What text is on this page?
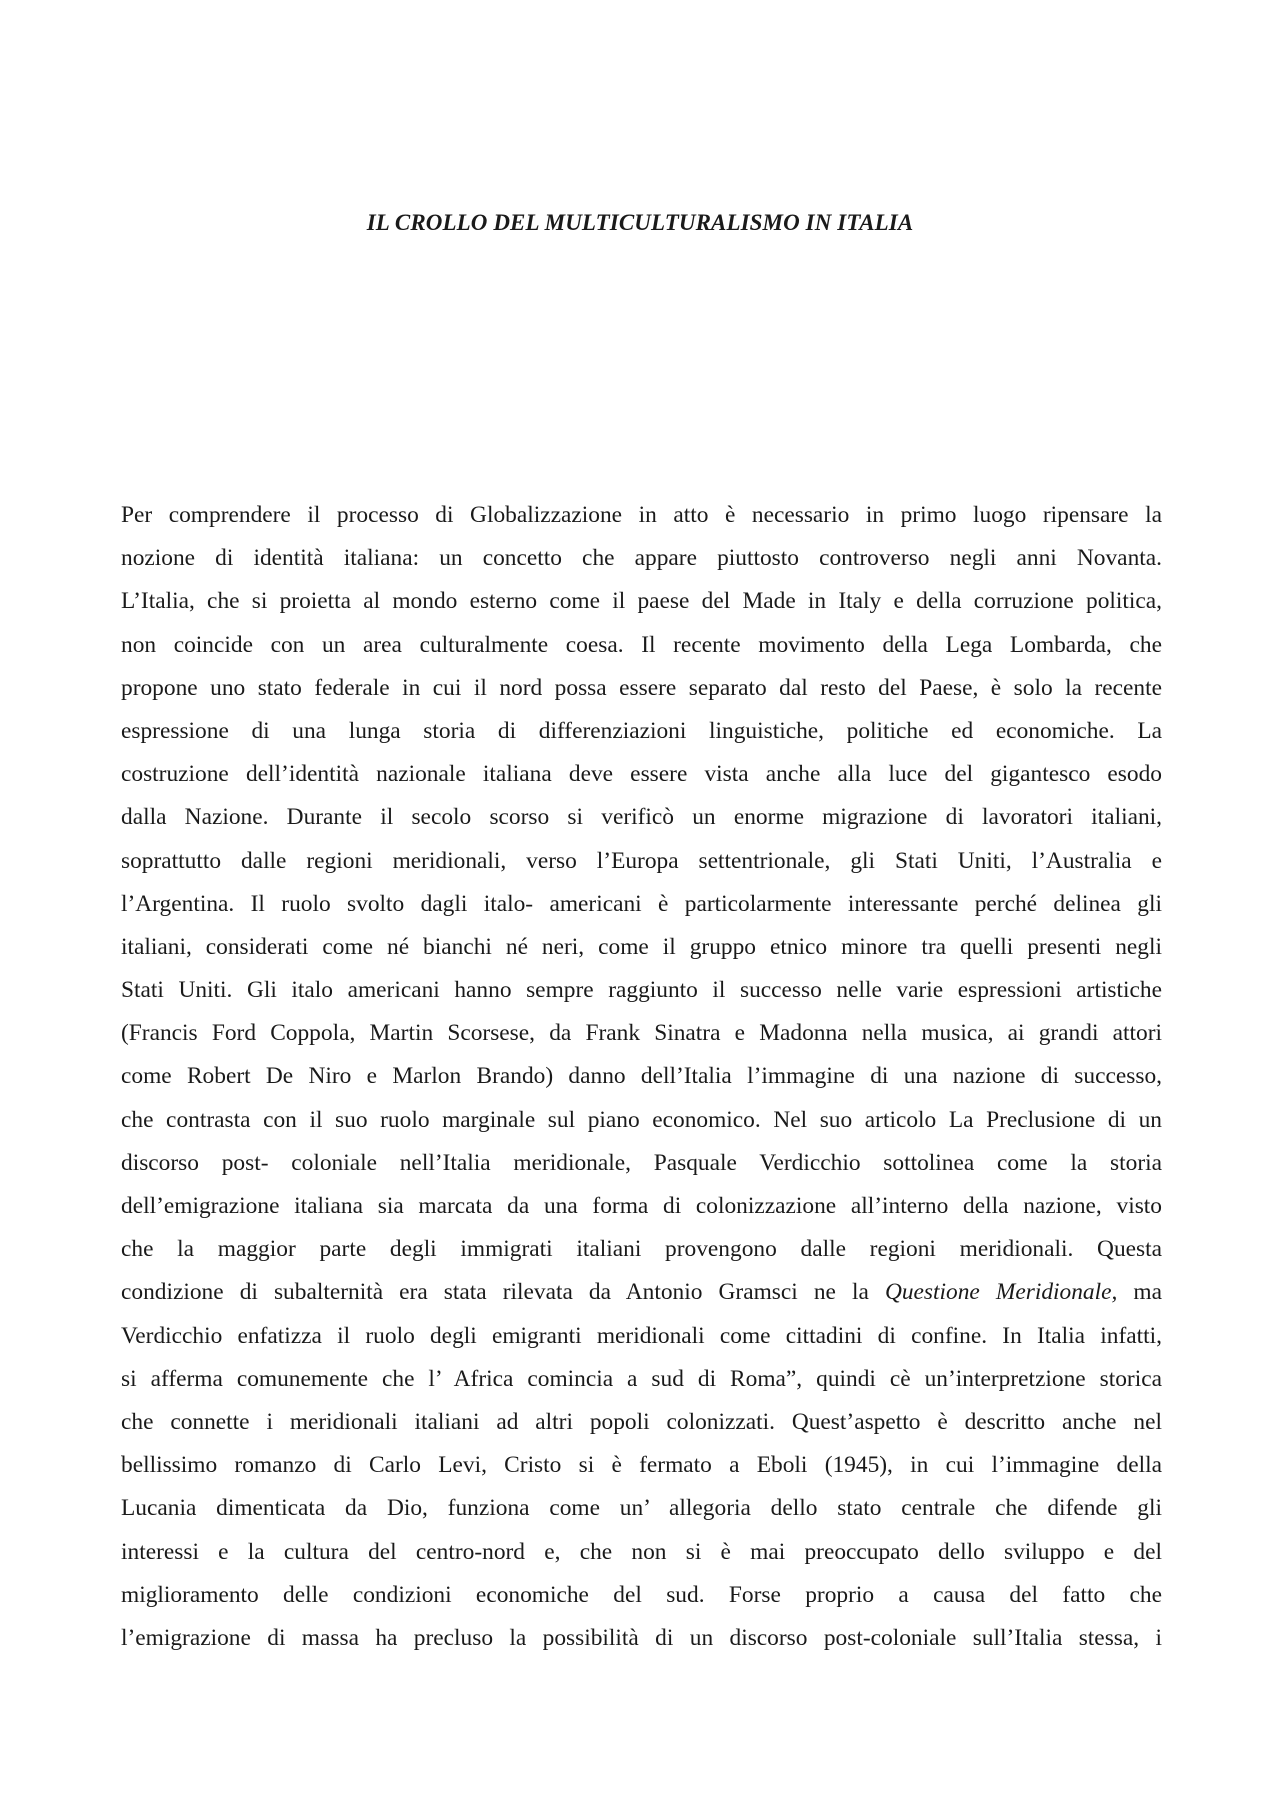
IL CROLLO DEL MULTICULTURALISMO IN ITALIA
Per comprendere il processo di Globalizzazione in atto è necessario in primo luogo ripensare la
nozione di identità italiana: un concetto che appare piuttosto controverso negli anni Novanta.
L’Italia, che si proietta al mondo esterno come il paese del Made in Italy e della corruzione politica,
non coincide con un area culturalmente coesa. Il recente movimento della Lega Lombarda, che
propone uno stato federale in cui il nord possa essere separato dal resto del Paese, è solo la recente
espressione di una lunga storia di differenziazioni linguistiche, politiche ed economiche. La
costruzione dell’identità nazionale italiana deve essere vista anche alla luce del gigantesco esodo
dalla Nazione. Durante il secolo scorso si verificò un enorme migrazione di lavoratori italiani,
soprattutto dalle regioni meridionali, verso l’Europa settentrionale, gli Stati Uniti, l’Australia e
l’Argentina. Il ruolo svolto dagli italo- americani è particolarmente interessante perché delinea gli
italiani, considerati come né bianchi né neri, come il gruppo etnico minore tra quelli presenti negli
Stati Uniti. Gli italo americani hanno sempre raggiunto il successo nelle varie espressioni artistiche
(Francis Ford Coppola, Martin Scorsese, da Frank Sinatra e Madonna nella musica, ai grandi attori
come Robert De Niro e Marlon Brando) danno dell’Italia l’immagine di una nazione di successo,
che contrasta con il suo ruolo marginale sul piano economico. Nel suo articolo La Preclusione di un
discorso post- coloniale nell’Italia meridionale, Pasquale Verdicchio sottolinea come la storia
dell’emigrazione italiana sia marcata da una forma di colonizzazione all’interno della nazione, visto
che la maggior parte degli immigrati italiani provengono dalle regioni meridionali. Questa
condizione di subalternità era stata rilevata da Antonio Gramsci ne la Questione Meridionale, ma
Verdicchio enfatizza il ruolo degli emigranti meridionali come cittadini di confine. In Italia infatti,
si afferma comunemente che l’ Africa comincia a sud di Roma”, quindi cè un’interpretzione storica
che connette i meridionali italiani ad altri popoli colonizzati. Quest’aspetto è descritto anche nel
bellissimo romanzo di Carlo Levi, Cristo si è fermato a Eboli (1945), in cui l’immagine della
Lucania dimenticata da Dio, funziona come un’ allegoria dello stato centrale che difende gli
interessi e la cultura del centro-nord e, che non si è mai preoccupato dello sviluppo e del
miglioramento delle condizioni economiche del sud. Forse proprio a causa del fatto che
l’emigrazione di massa ha precluso la possibilità di un discorso post-coloniale sull’Italia stessa, i
